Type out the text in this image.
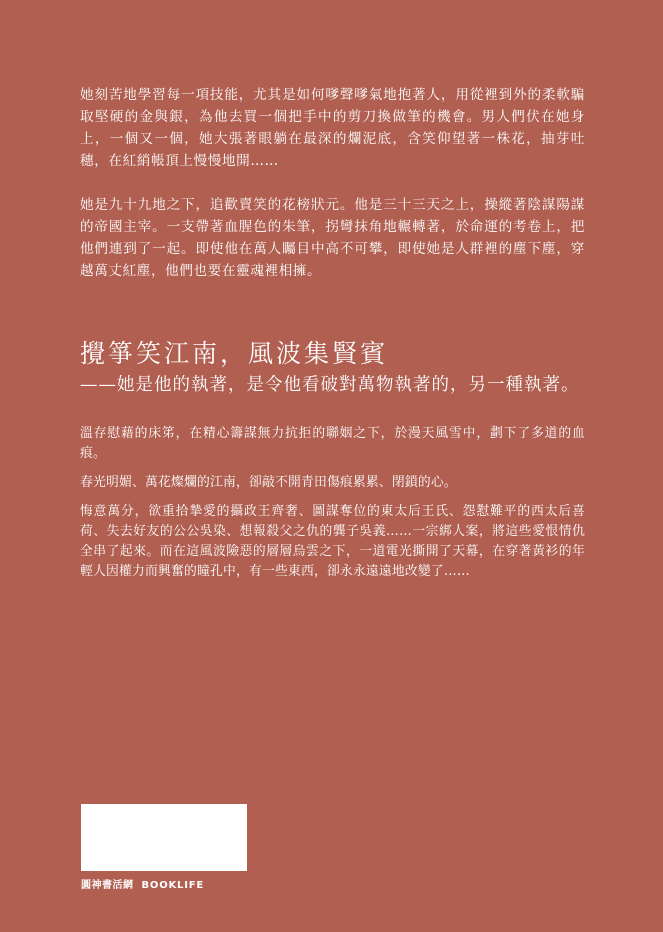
她刻苦地學習每一項技能，尤其是如何嗲聲嗲氣地抱著人，用從裡到外的柔軟騙取堅硬的金與銀，為他去買一個把手中的剪刀換做筆的機會。男人們伏在她身上，一個又一個，她大張著眼躺在最深的爛泥底，含笑仰望著一株花，抽芽吐穗，在紅綃帳頂上慢慢地開……

她是九十九地之下，追歡賣笑的花榜狀元。他是三十三天之上，操縱著陰謀陽謀的帝國主宰。一支帶著血腥色的朱筆，拐彎抹角地輾轉著，於命運的考卷上，把他們連到了一起。即使他在萬人矚目中高不可攀，即使她是人群裡的塵下塵，穿越萬丈紅塵，他們也要在靈魂裡相擁。

攪箏笑江南，風波集賢賓
——她是他的執著，是令他看破對萬物執著的，另一種執著。

溫存慰藉的床笫，在精心籌謀無力抗拒的聯姻之下，於漫天風雪中，劃下了多道的血痕。

春光明媚、萬花燦爛的江南，卻敲不開青田傷痕累累、閉鎖的心。

悔意萬分，欲重拾摯愛的攝政王齊奢、圖謀奪位的東太后王氏、怨懟難平的西太后喜荷、失去好友的公公吳染、想報殺父之仇的龔子吳義……一宗綁人案，將這些愛恨情仇全串了起來。而在這風波險惡的層層烏雲之下，一道電光撕開了天幕，在穿著黃衫的年輕人因權力而興奮的瞳孔中，有一些東西，卻永永遠遠地改變了……

圓神書活網 BOOKLIFE
